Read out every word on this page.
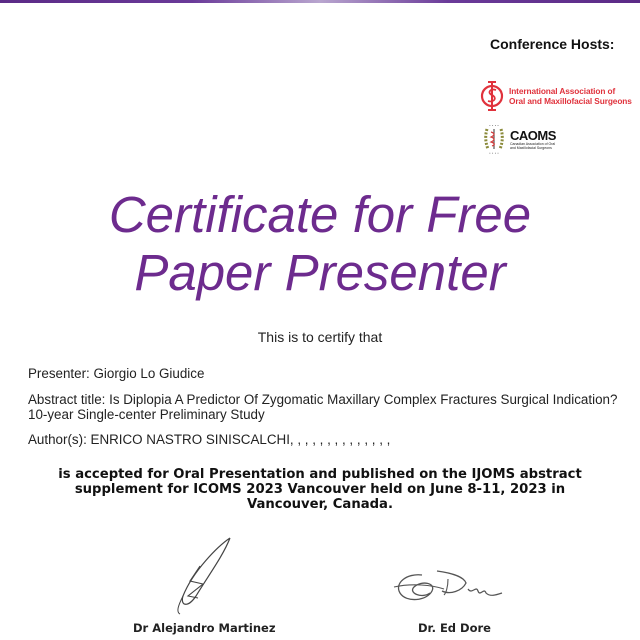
Conference Hosts:
International Association of
Oral and Maxillofacial Surgeons
• • • •
• • • •
CAOMS
Canadian Association of Oral
and Maxillofacial Surgeons
Certificate for Free
Paper Presenter
This is to certify that
Presenter: Giorgio Lo Giudice
Abstract title: Is Diplopia A Predictor Of Zygomatic Maxillary Complex Fractures Surgical Indication? 10-year Single-center Preliminary Study
Author(s): ENRICO NASTRO SINISCALCHI, , , , , , , , , , , , , ,
is accepted for Oral Presentation and published on the IJOMS abstract supplement for ICOMS 2023 Vancouver held on June 8-11, 2023 in Vancouver, Canada.
Dr Alejandro Martinez	Dr. Ed Dore
